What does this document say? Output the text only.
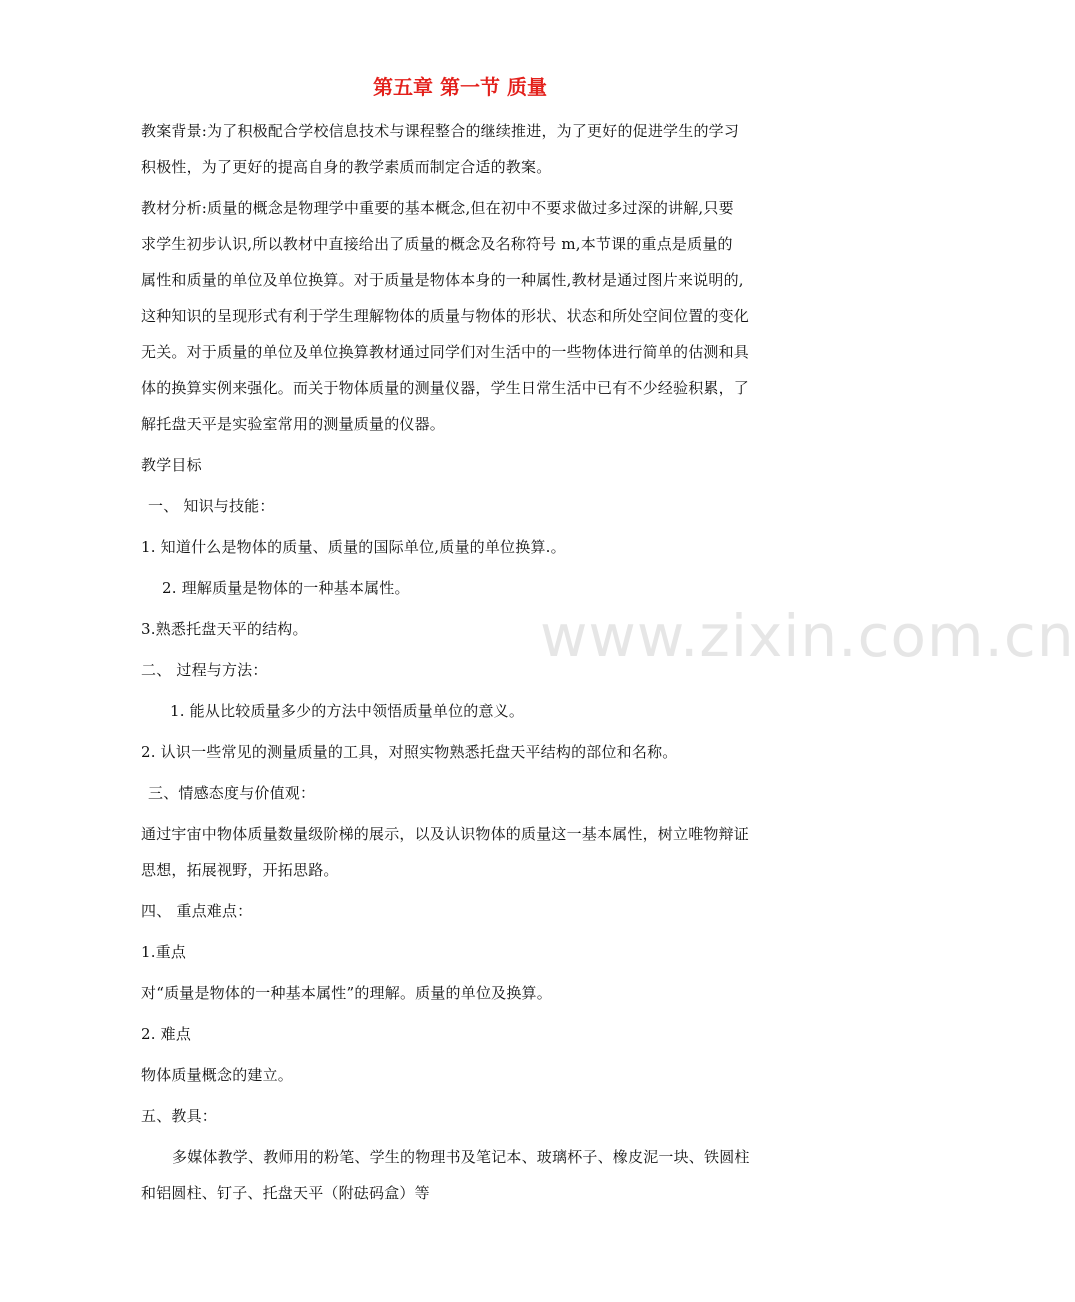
www.zixin.com.cn
第五章 第一节 质量
教案背景:为了积极配合学校信息技术与课程整合的继续推进，为了更好的促进学生的学习
积极性，为了更好的提高自身的教学素质而制定合适的教案。
教材分析:质量的概念是物理学中重要的基本概念,但在初中不要求做过多过深的讲解,只要
求学生初步认识,所以教材中直接给出了质量的概念及名称符号 m,本节课的重点是质量的
属性和质量的单位及单位换算。对于质量是物体本身的一种属性,教材是通过图片来说明的,
这种知识的呈现形式有利于学生理解物体的质量与物体的形状、状态和所处空间位置的变化
无关。对于质量的单位及单位换算教材通过同学们对生活中的一些物体进行简单的估测和具
体的换算实例来强化。而关于物体质量的测量仪器，学生日常生活中已有不少经验积累，了
解托盘天平是实验室常用的测量质量的仪器。
教学目标
一、 知识与技能：
1. 知道什么是物体的质量、质量的国际单位,质量的单位换算.。
2. 理解质量是物体的一种基本属性。
3.熟悉托盘天平的结构。
二、 过程与方法：
1. 能从比较质量多少的方法中领悟质量单位的意义。
2. 认识一些常见的测量质量的工具，对照实物熟悉托盘天平结构的部位和名称。
三、情感态度与价值观：
通过宇宙中物体质量数量级阶梯的展示，以及认识物体的质量这一基本属性，树立唯物辩证
思想，拓展视野，开拓思路。
四、 重点难点：
1.重点
对“质量是物体的一种基本属性”的理解。质量的单位及换算。
2. 难点
物体质量概念的建立。
五、教具：
多媒体教学、教师用的粉笔、学生的物理书及笔记本、玻璃杯子、橡皮泥一块、铁圆柱
和铝圆柱、钉子、托盘天平（附砝码盒）等
